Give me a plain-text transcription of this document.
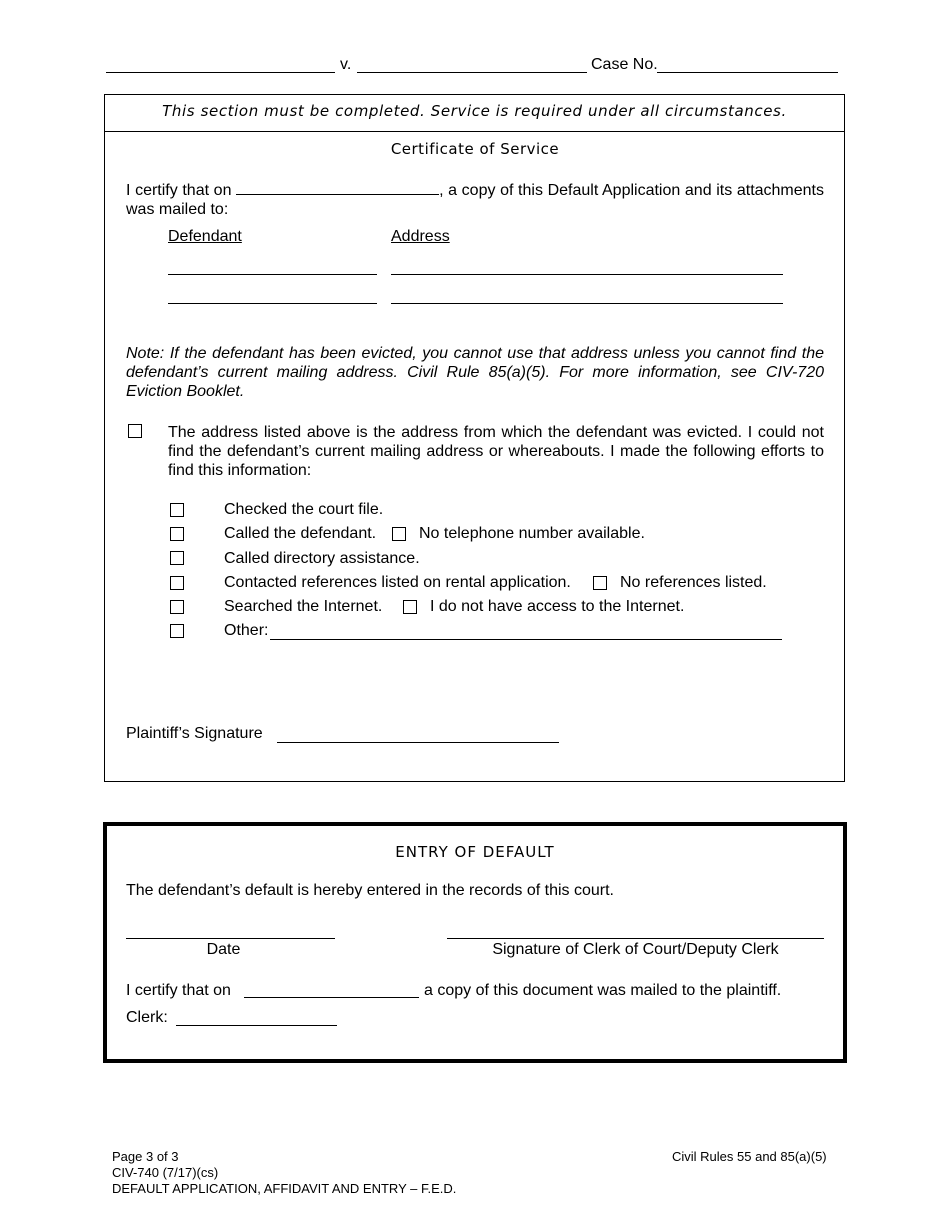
v.	Case No.
This section must be completed. Service is required under all circumstances.
Certificate of Service
I certify that on	, a copy of this Default Application and its attachments was mailed to:
Defendant	Address
Note: If the defendant has been evicted, you cannot use that address unless you cannot find the defendant’s current mailing address. Civil Rule 85(a)(5). For more information, see CIV-720 Eviction Booklet.
The address listed above is the address from which the defendant was evicted. I could not find the defendant’s current mailing address or whereabouts. I made the following efforts to find this information:
Checked the court file.
Called the defendant.	No telephone number available.
Called directory assistance.
Contacted references listed on rental application.	No references listed.
Searched the Internet.	I do not have access to the Internet.
Other:
Plaintiff’s Signature
ENTRY OF DEFAULT
The defendant’s default is hereby entered in the records of this court.
Date	Signature of Clerk of Court/Deputy Clerk
I certify that on	a copy of this document was mailed to the plaintiff.
Clerk:
Page 3 of 3
CIV-740 (7/17)(cs)
DEFAULT APPLICATION, AFFIDAVIT AND ENTRY – F.E.D.
Civil Rules 55 and 85(a)(5)
